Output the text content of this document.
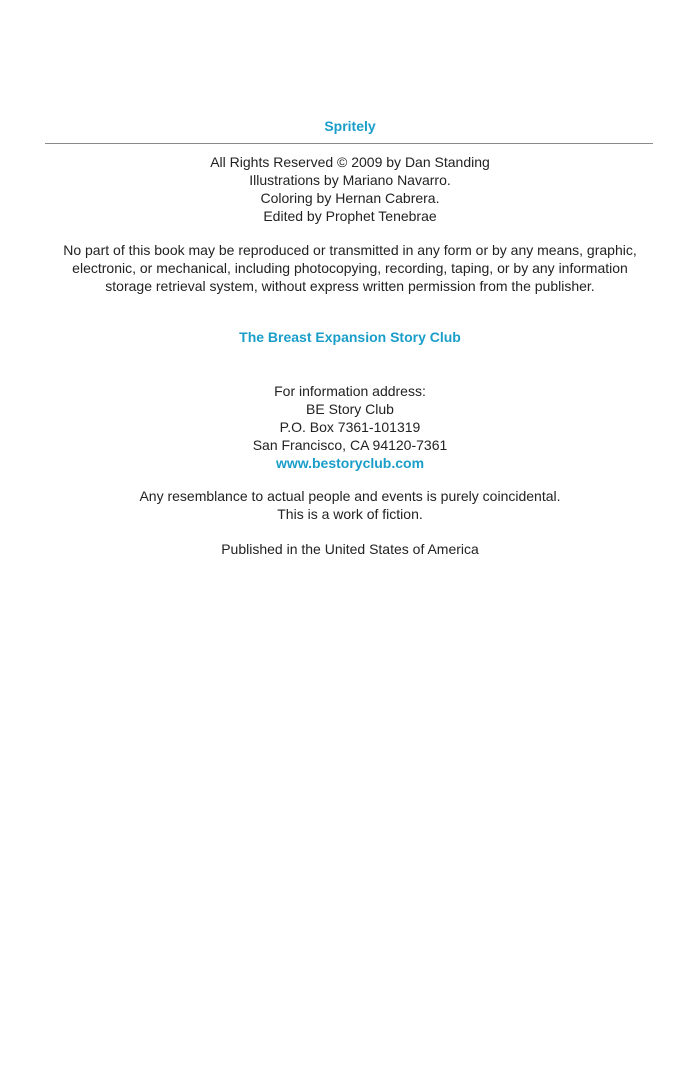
Spritely
All Rights Reserved © 2009 by Dan Standing
Illustrations by Mariano Navarro.
Coloring by Hernan Cabrera.
Edited by Prophet Tenebrae
No part of this book may be reproduced or transmitted in any form or by any means, graphic,
electronic, or mechanical, including photocopying, recording, taping, or by any information
storage retrieval system, without express written permission from the publisher.
The Breast Expansion Story Club
For information address:
BE Story Club
P.O. Box 7361-101319
San Francisco, CA 94120-7361
www.bestoryclub.com
Any resemblance to actual people and events is purely coincidental.
This is a work of fiction.
Published in the United States of America
